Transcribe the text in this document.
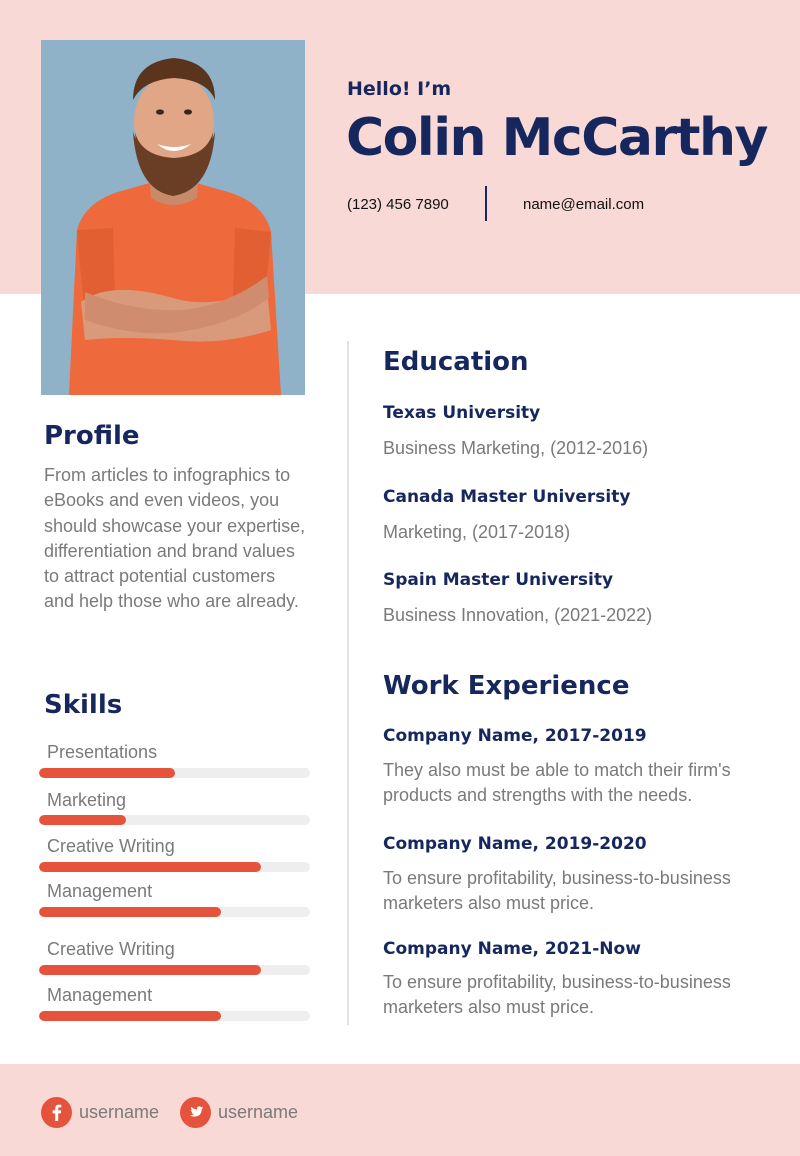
Hello! I’m
Colin McCarthy
(123) 456 7890	name@email.com
Profile
From articles to infographics to eBooks and even videos, you should showcase your expertise, differentiation and brand values to attract potential customers and help those who are already.
Skills
Presentations
Marketing
Creative Writing
Management
Creative Writing
Management
Education
Texas University
Business Marketing, (2012-2016)
Canada Master University
Marketing, (2017-2018)
Spain Master University
Business Innovation, (2021-2022)
Work Experience
Company Name, 2017-2019
They also must be able to match their firm's products and strengths with the needs.
Company Name, 2019-2020
To ensure profitability, business-to-business marketers also must price.
Company Name, 2021-Now
To ensure profitability, business-to-business marketers also must price.
username	username
